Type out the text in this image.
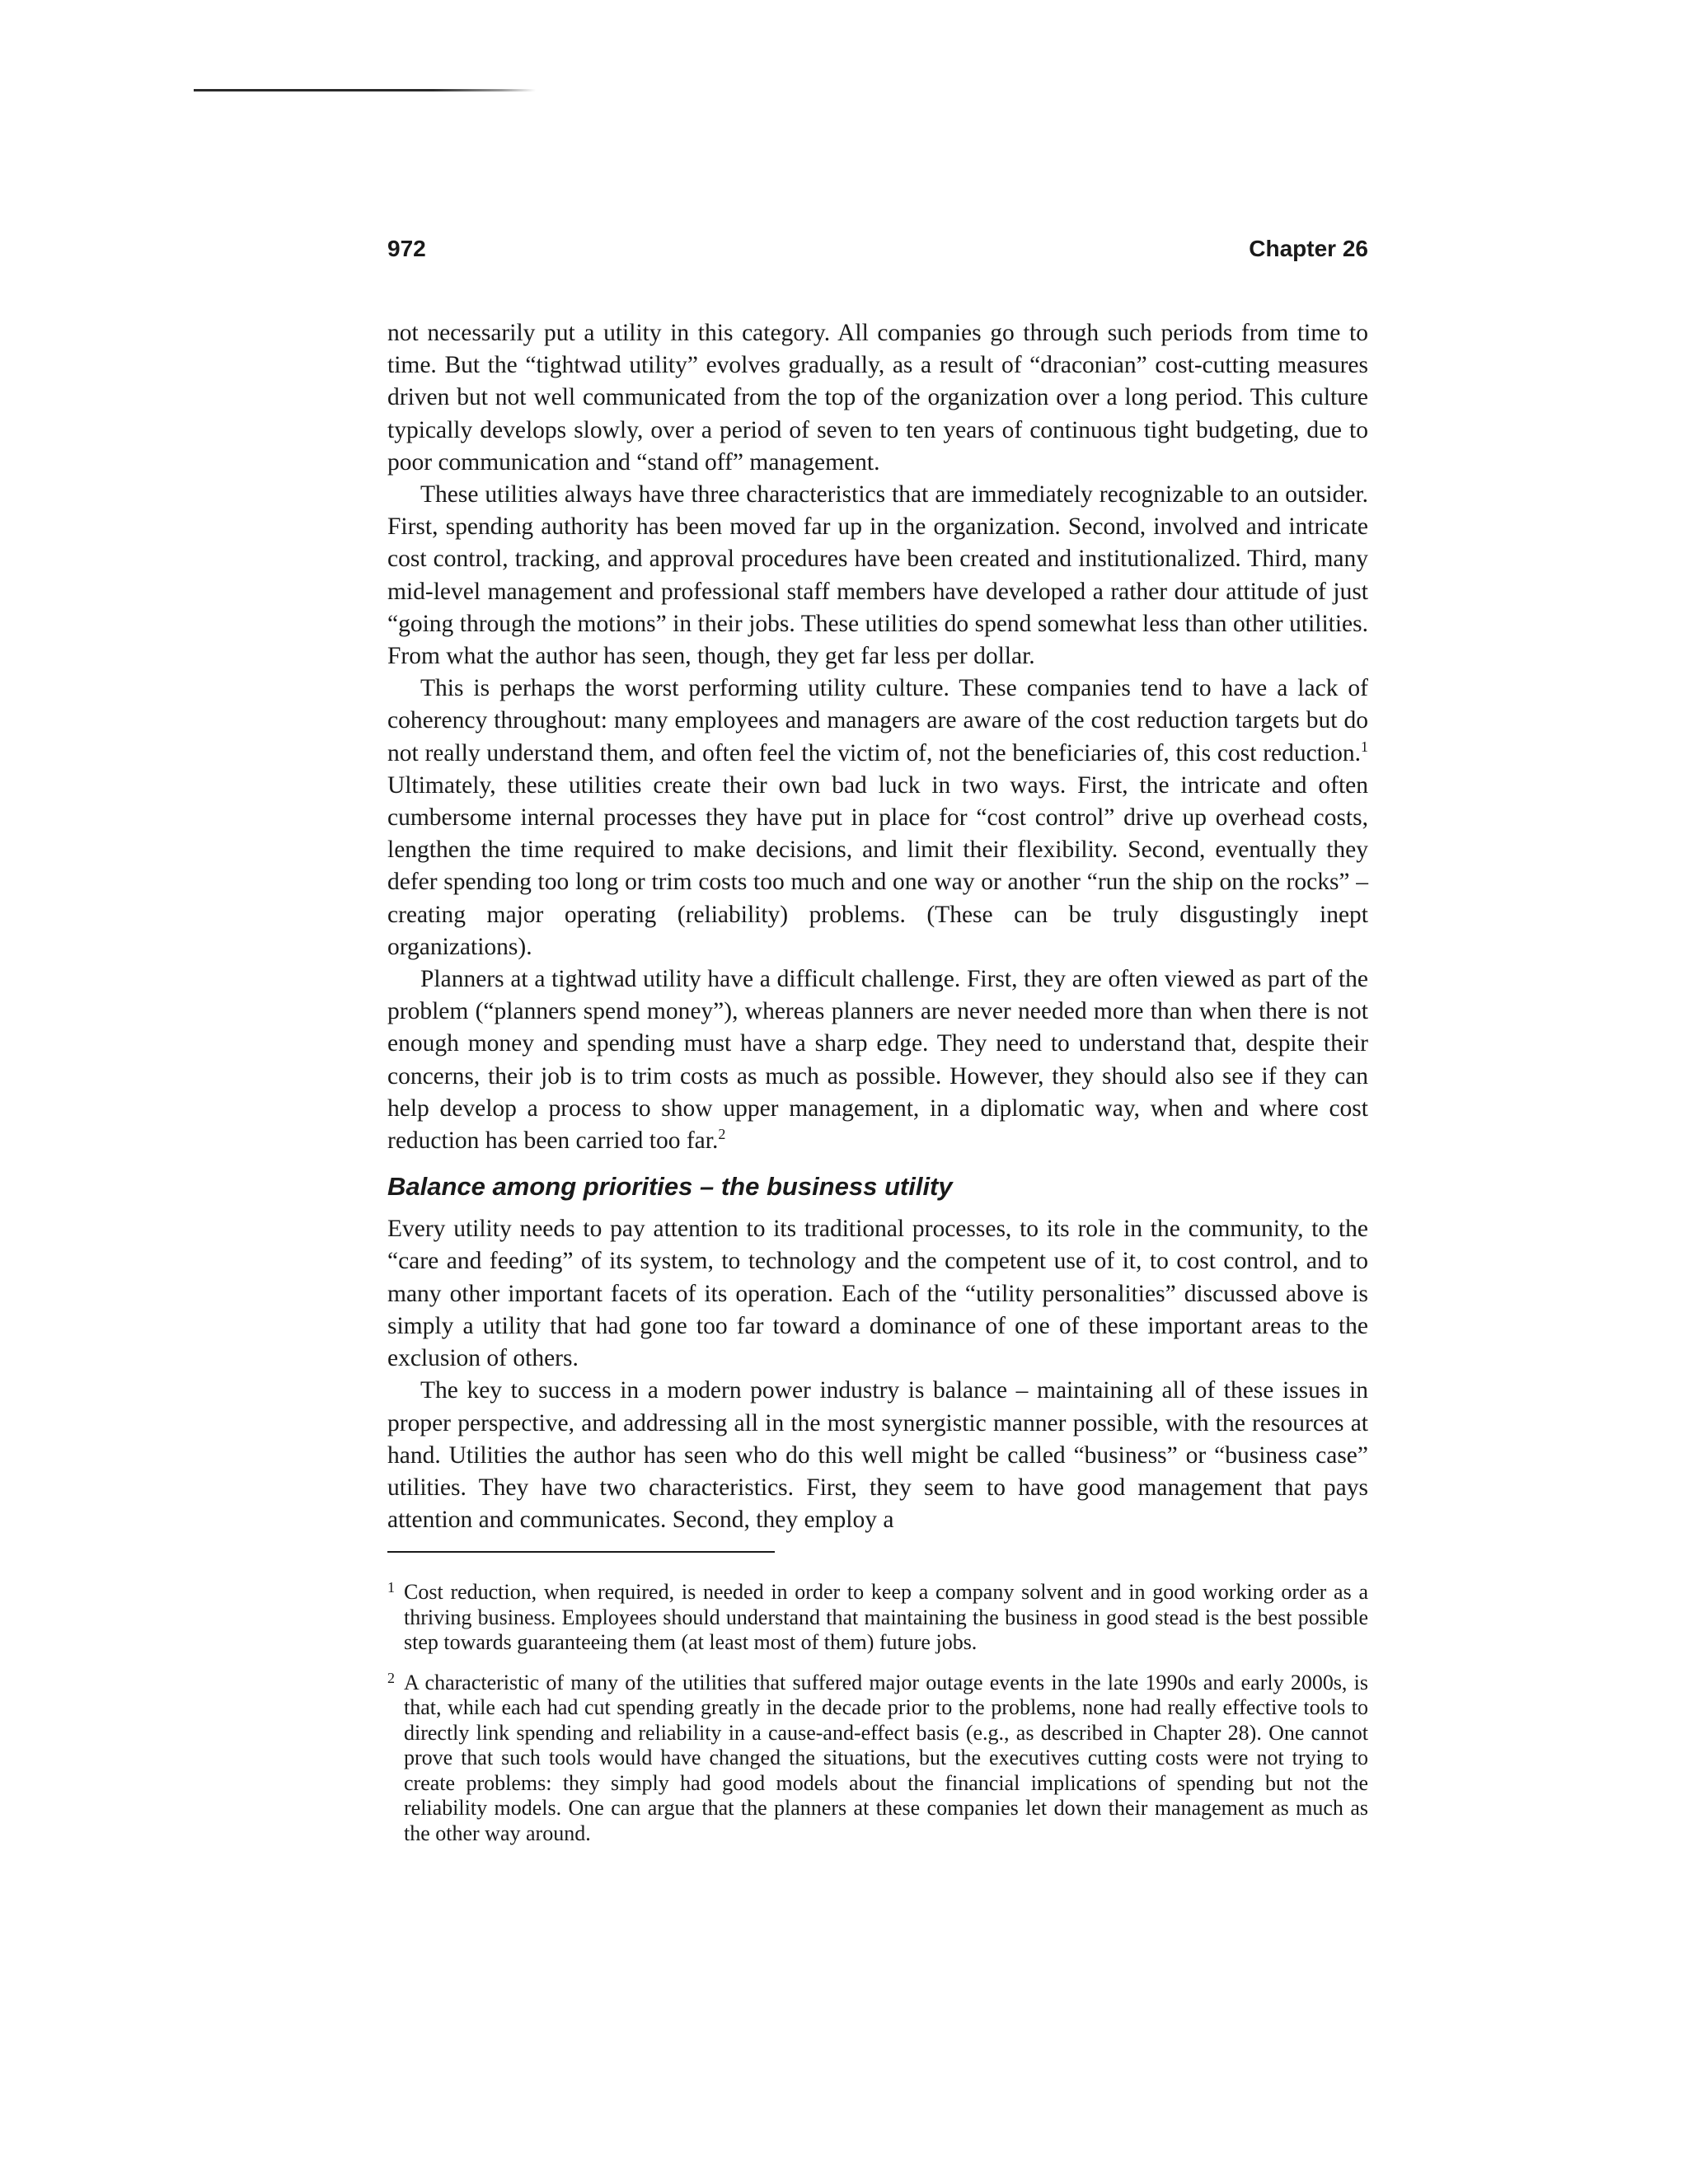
972	Chapter 26

not necessarily put a utility in this category. All companies go through such periods from time to time. But the “tightwad utility” evolves gradually, as a result of “draconian” cost-cutting measures driven but not well communicated from the top of the organization over a long period. This culture typically develops slowly, over a period of seven to ten years of continuous tight budgeting, due to poor communication and “stand off” management.

These utilities always have three characteristics that are immediately recognizable to an outsider. First, spending authority has been moved far up in the organization. Second, involved and intricate cost control, tracking, and approval procedures have been created and institutionalized. Third, many mid-level management and professional staff members have developed a rather dour attitude of just “going through the motions” in their jobs. These utilities do spend somewhat less than other utilities. From what the author has seen, though, they get far less per dollar.

This is perhaps the worst performing utility culture. These companies tend to have a lack of coherency throughout: many employees and managers are aware of the cost reduction targets but do not really understand them, and often feel the victim of, not the beneficiaries of, this cost reduction.$^1$ Ultimately, these utilities create their own bad luck in two ways. First, the intricate and often cumbersome internal processes they have put in place for “cost control” drive up overhead costs, lengthen the time required to make decisions, and limit their flexibility. Second, eventually they defer spending too long or trim costs too much and one way or another “run the ship on the rocks” – creating major operating (reliability) problems. (These can be truly disgustingly inept organizations).

Planners at a tightwad utility have a difficult challenge. First, they are often viewed as part of the problem (“planners spend money”), whereas planners are never needed more than when there is not enough money and spending must have a sharp edge. They need to understand that, despite their concerns, their job is to trim costs as much as possible. However, they should also see if they can help develop a process to show upper management, in a diplomatic way, when and where cost reduction has been carried too far.$^2$

Balance among priorities – the business utility

Every utility needs to pay attention to its traditional processes, to its role in the community, to the “care and feeding” of its system, to technology and the competent use of it, to cost control, and to many other important facets of its operation. Each of the “utility personalities” discussed above is simply a utility that had gone too far toward a dominance of one of these important areas to the exclusion of others.

The key to success in a modern power industry is balance – maintaining all of these issues in proper perspective, and addressing all in the most synergistic manner possible, with the resources at hand. Utilities the author has seen who do this well might be called “business” or “business case” utilities. They have two characteristics. First, they seem to have good management that pays attention and communicates. Second, they employ a

1 Cost reduction, when required, is needed in order to keep a company solvent and in good working order as a thriving business. Employees should understand that maintaining the business in good stead is the best possible step towards guaranteeing them (at least most of them) future jobs.
2 A characteristic of many of the utilities that suffered major outage events in the late 1990s and early 2000s, is that, while each had cut spending greatly in the decade prior to the problems, none had really effective tools to directly link spending and reliability in a cause-and-effect basis (e.g., as described in Chapter 28). One cannot prove that such tools would have changed the situations, but the executives cutting costs were not trying to create problems: they simply had good models about the financial implications of spending but not the reliability models. One can argue that the planners at these companies let down their management as much as the other way around.
